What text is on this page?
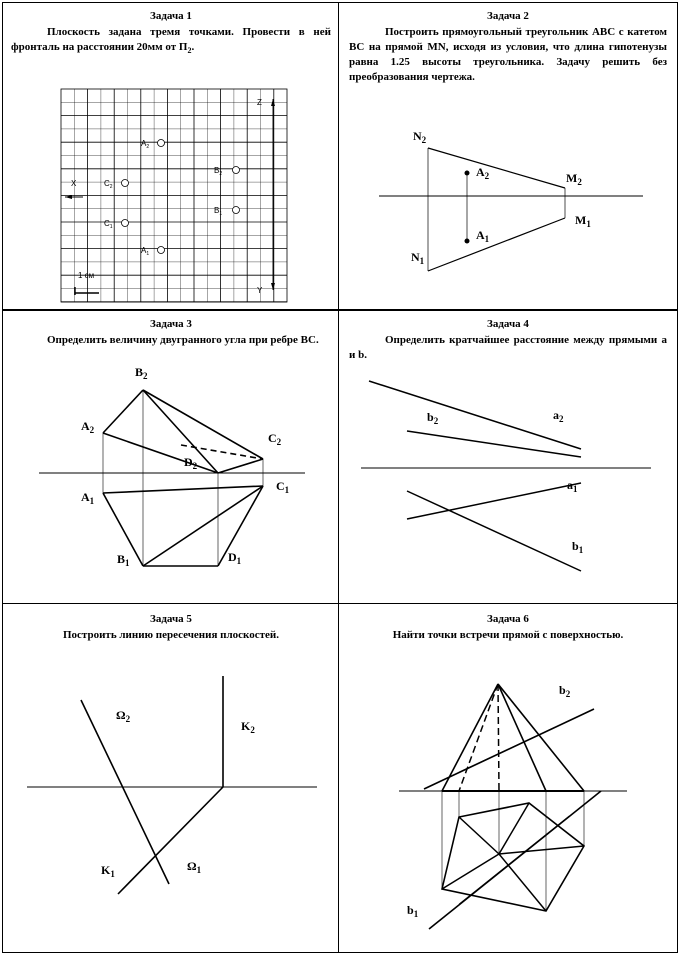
Задача 1

Плоскость задана тремя точками. Провести в ней фронталь на расстоянии 20мм от $П_2$.

Z
X
Y
1 см
$A_2$
$B_2$
$C_2$
$B_1$
$C_1$
$A_1$
Задача 2

Построить прямоугольный треугольник АВС с катетом ВС на прямой MN, исходя из условия, что длина гипотенузы равна 1.25 высоты треугольника. Задачу решить без преобразования чертежа.

$N_2$
$A_2$	$M_2$
$A_1$
$M_1$
$N_1$
Задача 3

Определить величину двугранного угла при ребре ВС.

$B_2$
$A_2$
$C_2$
$D_2$
$A_1$
$C_1$
$B_1$	$D_1$
Задача 4

Определить кратчайшее расстояние между прямыми a и b.

$b_2$	$a_2$
$a_1$
$b_1$
Задача 5
Построить линию пересечения плоскостей.
$\Omega_2$	$K_2$
$K_1$
$\Omega_1$
Задача 6
Найти точки встречи прямой с поверхностью.
$b_2$
$b_1$
